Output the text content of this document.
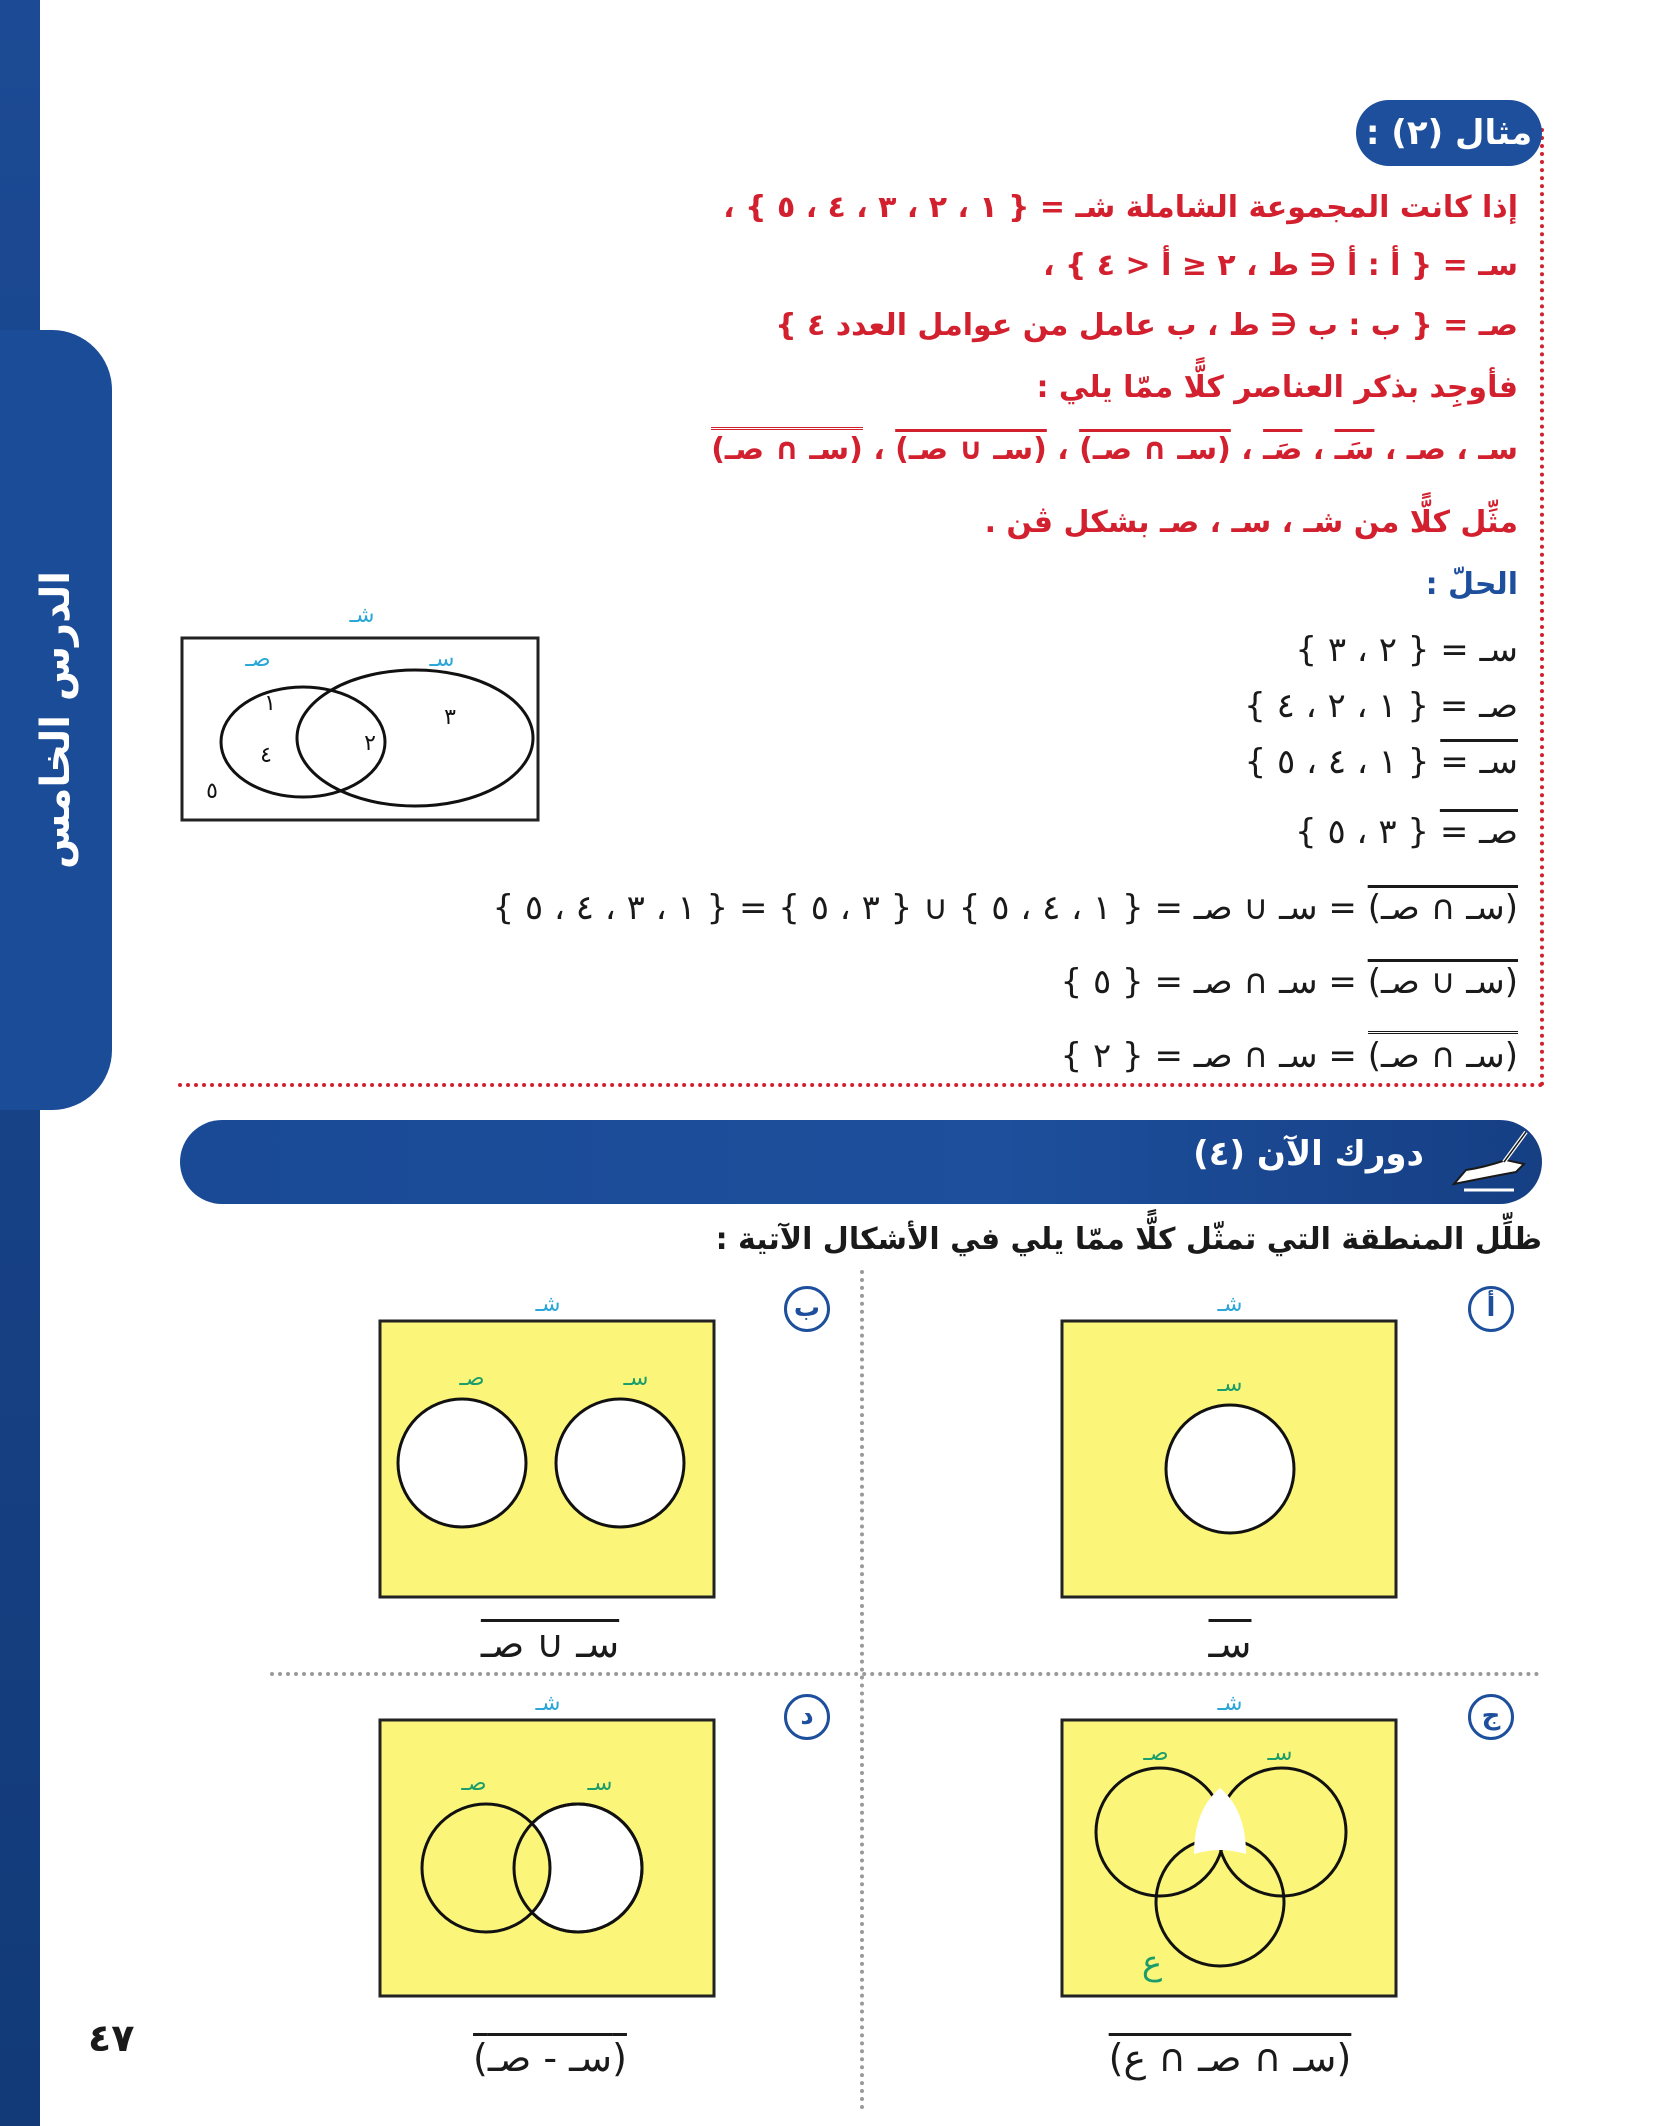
الدرس الخامس
مثال (٢) :
إذا كانت المجموعة الشاملة شـ = { ١ ، ٢ ، ٣ ، ٤ ، ٥ } ،
سـ = { أ : أ ∈ ط ، ٢ ≤ أ < ٤ } ،
صـ = { ب : ب ∈ ط ، ب عامل من عوامل العدد ٤ }
فأوجِد بذكر العناصر كلًّا ممّا يلي :
سـ ، صـ ، سَـ ، صَـ ، (سـ ∩ صـ) ، (سـ ∪ صـ) ، (سـ ∩ صـ)
مثِّل كلًّا من شـ ، سـ ، صـ بشكل ڤن .
الحلّ :
سـ = { ٢ ، ٣ }
صـ = { ١ ، ٢ ، ٤ }
سـ = { ١ ، ٤ ، ٥ }
صـ = { ٣ ، ٥ }
(سـ ∩ صـ) = سـ ∪ صـ = { ١ ، ٤ ، ٥ } ∪ { ٣ ، ٥ } = { ١ ، ٣ ، ٤ ، ٥ }
(سـ ∪ صـ) = سـ ∩ صـ = { ٥ }
(سـ ∩ صـ) = سـ ∩ صـ = { ٢ }
شـ
صـ	سـ
١
٤	٢
٣
٥
دورك الآن (٤)
ظلِّل المنطقة التي تمثّل كلًّا ممّا يلي في الأشكال الآتية :
أ
شـ
سـ
سـ
ب
شـ
سـ
صـ
سـ ∪ صـ
ج
شـ
سـ
صـ
ع
(سـ ∩ صـ ∩ ع)
د
شـ
سـ
صـ
(سـ - صـ)
٤٧
